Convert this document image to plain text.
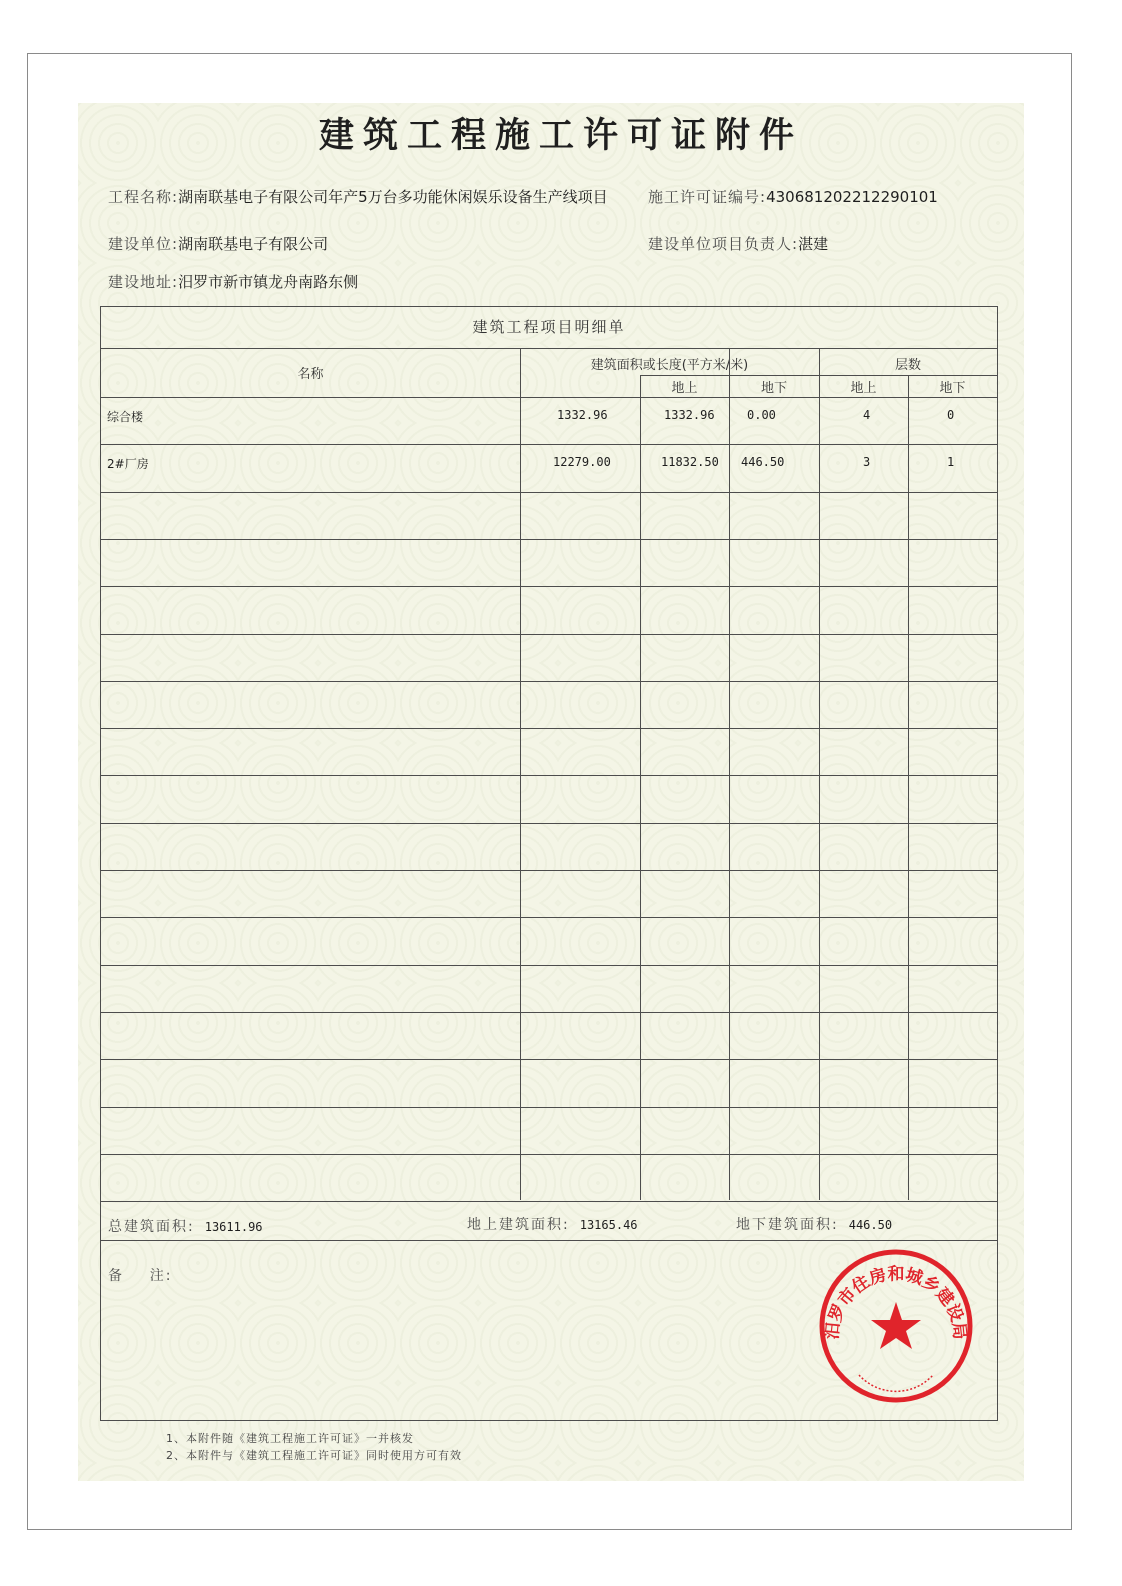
建筑工程施工许可证附件
工程名称:湖南联基电子有限公司年产5万台多功能休闲娱乐设备生产线项目	施工许可证编号:430681202212290101
建设单位:湖南联基电子有限公司	建设单位项目负责人:湛建
建设地址:汨罗市新市镇龙舟南路东侧
建筑工程项目明细单
名称
建筑面积或长度(平方米/米)
地上	地下
层数
地上	地下
综合楼	1332.96	1332.96	0.00	4	0
2#厂房	12279.00	11832.50 446.50	3	1
总建筑面积: 13611.96	地上建筑面积: 13165.46	地下建筑面积: 446.50
备    注:
1、本附件随《建筑工程施工许可证》一并核发
2、本附件与《建筑工程施工许可证》同时使用方可有效
汨罗市住房和城乡建设局
